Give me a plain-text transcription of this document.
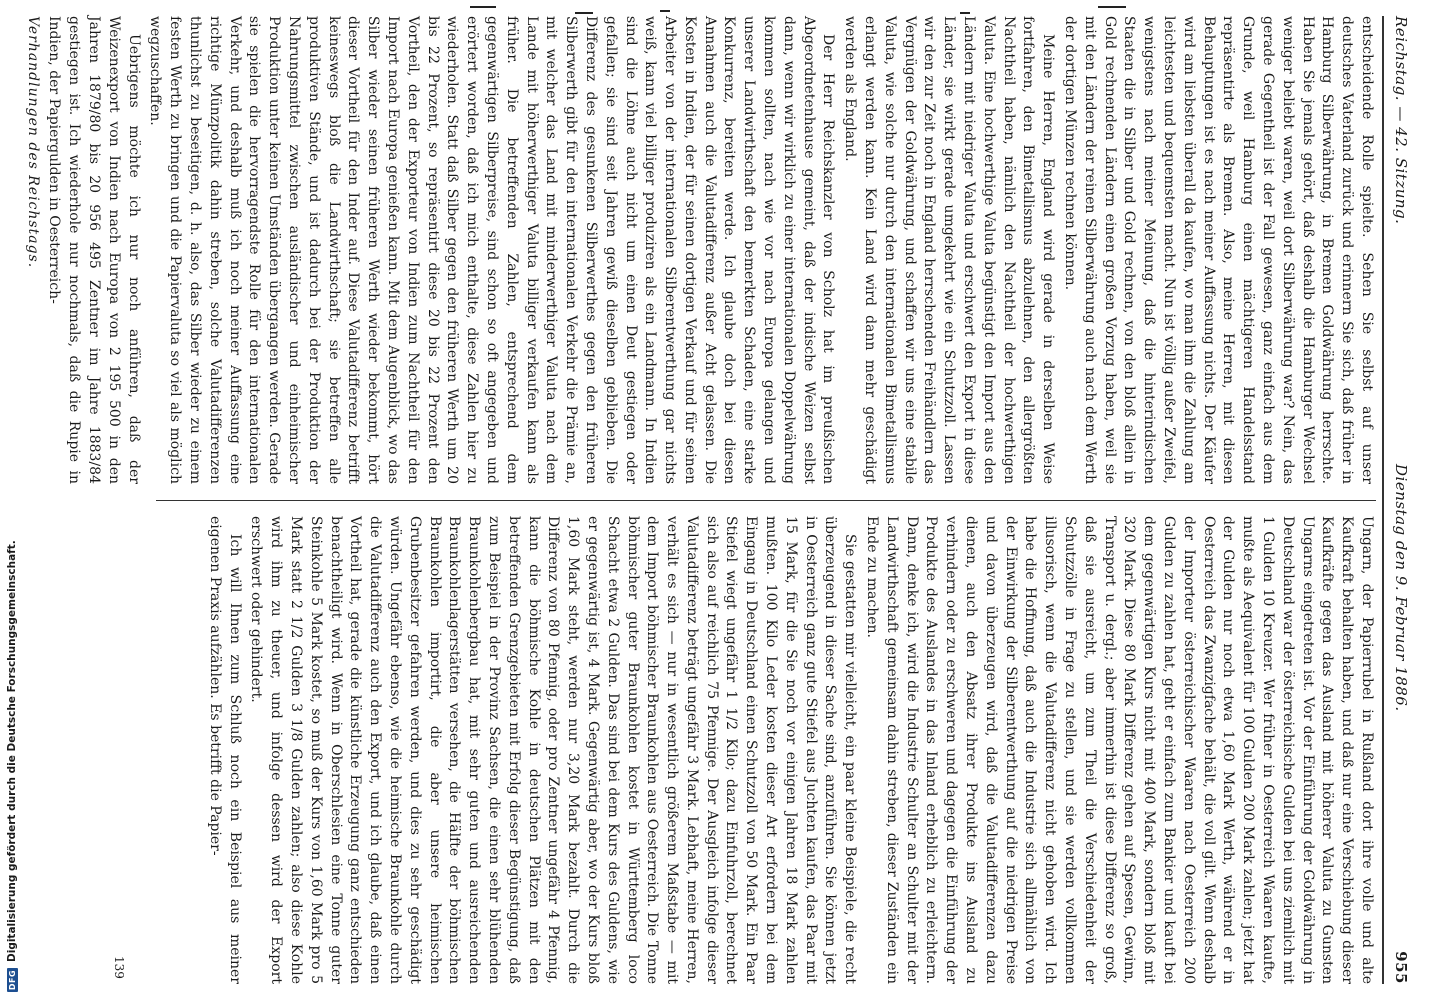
Reichstag. — 42. Sitzung.
Dienstag den 9. Februar 1886.
955

entscheidende Rolle spielte. Sehen Sie selbst auf unser deutsches Vaterland zurück und erinnern Sie sich, daß früher in Hamburg Silberwährung, in Bremen Goldwährung herrschte. Haben Sie jemals gehört, daß deshalb die Hamburger Wechsel weniger beliebt waren, weil dort Silberwährung war? Nein, das gerade Gegentheil ist der Fall gewesen, ganz einfach aus dem Grunde, weil Hamburg einen mächtigeren Handelsstand repräsentirte als Bremen. Also, meine Herren, mit diesen Behauptungen ist es nach meiner Auffassung nichts. Der Käufer wird am liebsten überall da kaufen, wo man ihm die Zahlung am leichtesten und bequemsten macht. Nun ist völlig außer Zweifel, wenigstens nach meiner Meinung, daß die hinterindischen Staaten die in Silber und Gold rechnen, von den bloß allein in Gold rechnenden Ländern einen großen Vorzug haben, weil sie mit den Ländern der reinen Silberwährung auch nach dem Werth der dortigen Münzen rechnen können.

Meine Herren, England wird gerade in derselben Weise fortfahren, den Bimetallismus abzulehnen, den allergrößten Nachtheil haben, nämlich den Nachtheil der hochwerthigen Valuta. Eine hochwerthige Valuta begünstigt den Import aus den Ländern mit niedriger Valuta und erschwert den Export in diese Länder, sie wirkt gerade umgekehrt wie ein Schutzzoll. Lassen wir den zur Zeit noch in England herrschenden Freihändlern das Vergnügen der Goldwährung, und schaffen wir uns eine stabile Valuta, wie solche nur durch den internationalen Bimetallismus erlangt werden kann. Kein Land wird dann mehr geschädigt werden als England.

Der Herr Reichskanzler von Scholz hat im preußischen Abgeordnetenhause gemeint, daß der indische Weizen selbst dann, wenn wir wirklich zu einer internationalen Doppelwährung kommen sollten, nach wie vor nach Europa gelangen und unserer Landwirthschaft den bemerkten Schaden, eine starke Konkurrenz, bereiten werde. Ich glaube doch bei diesen Annahmen auch die Valutadifferenz außer Acht gelassen. Die Kosten in Indien, der für seinen dortigen Verkauf und für seinen Arbeiter von der internationalen Silberentwerthung gar nichts weiß, kann viel billiger produziren als ein Landmann. In Indien sind die Löhne auch nicht um einen Deut gestiegen oder gefallen; sie sind seit Jahren gewiß dieselben geblieben. Die Differenz des gesunkenen Silberwerthes gegen den früheren Silberwerth gibt für den internationalen Verkehr die Prämie an, mit welcher das Land mit minderwerthiger Valuta nach dem Lande mit höherwerthiger Valuta billiger verkaufen kann als früher. Die betreffenden Zahlen, entsprechend dem gegenwärtigen Silberpreise, sind schon so oft angegeben und erörtert worden, daß ich mich enthalte, diese Zahlen hier zu wiederholen. Statt daß Silber gegen den früheren Werth um 20 bis 22 Prozent, so repräsentirt diese 20 bis 22 Prozent den Vortheil, den der Exporteur von Indien zum Nachtheil für den Import nach Europa genießen kann. Mit dem Augenblick, wo das Silber wieder seinen früheren Werth wieder bekommt, hört dieser Vortheil für den Inder auf. Diese Valutadifferenz betrifft keineswegs bloß die Landwirthschaft; sie betreffen alle produktiven Stände, und ist dadurch bei der Produktion der Nahrungsmittel zwischen ausländischer und einheimischer Produktion unter keinen Umständen übergangen werden. Gerade sie spielen die hervorragendste Rolle für den internationalen Verkehr, und deshalb muß ich noch meiner Auffassung eine richtige Münzpolitik dahin streben, solche Valutadifferenzen thunlichst zu beseitigen, d. h. also, das Silber wieder zu einem festen Werth zu bringen und die Papiervaluta so viel als möglich wegzuschaffen.

Uebrigens möchte ich nur noch anführen, daß der Weizenexport von Indien nach Europa von 2 195 500 in den Jahren 1879/80 bis 20 956 495 Zentner im Jahre 1883/84 gestiegen ist. Ich wiederhole nur nochmals, daß die Rupie in Indien, der Papiergulden in Oesterreich-

Verhandlungen des Reichstags.

Ungarn, der Papierrubel in Rußland dort ihre volle und alte Kaufkraft behalten haben, und daß nur eine Verschiebung dieser Kaufkräfte gegen das Ausland mit höherer Valuta zu Gunsten Ungarns eingetreten ist. Vor der Einführung der Goldwährung in Deutschland war der österreichische Gulden bei uns ziemlich mit 1 Gulden 10 Kreuzer. Wer früher in Oesterreich Waaren kaufte, mußte als Aequivalent für 100 Gulden 200 Mark zahlen; jetzt hat der Gulden nur noch etwa 1,60 Mark Werth, während er in Oesterreich das Zwanzigfache behält, die voll gilt. Wenn deshalb der Importeur österreichischer Waaren nach Oesterreich 200 Gulden zu zahlen hat, geht er einfach zum Bankier und kauft bei dem gegenwärtigen Kurs nicht mit 400 Mark, sondern bloß mit 320 Mark. Diese 80 Mark Differenz gehen auf Spesen, Gewinn, Transport u. dergl.; aber immerhin ist diese Differenz so groß, daß sie ausreicht, um zum Theil die Verschiedenheit der Schutzzölle in Frage zu stellen, und sie werden vollkommen illusorisch, wenn die Valutadifferenz nicht gehoben wird. Ich habe die Hoffnung, daß auch die Industrie sich allmählich von der Einwirkung der Silberentwerthung auf die niedrigen Preise und davon überzeugen wird, daß die Valutadifferenzen dazu dienen, auch den Absatz ihrer Produkte ins Ausland zu verhindern oder zu erschweren und dagegen die Einführung der Produkte des Auslandes in das Inland erheblich zu erleichtern. Dann, denke ich, wird die Industrie Schulter an Schulter mit der Landwirthschaft gemeinsam dahin streben, dieser Zuständen ein Ende zu machen.

Sie gestatten mir vielleicht, ein paar kleine Beispiele, die recht überzeugend in dieser Sache sind, anzuführen. Sie können jetzt in Oesterreich ganz gute Stiefel aus Juchten kaufen, das Paar mit 15 Mark, für die Sie noch vor einigen Jahren 18 Mark zahlen mußten. 100 Kilo Leder kosten dieser Art erfordern bei dem Eingang in Deutschland einen Schutzzoll von 50 Mark. Ein Paar Stiefel wiegt ungefähr 1 1/2 Kilo; dazu Einfuhrzoll, berechnet sich also auf reichlich 75 Pfennige. Der Ausgleich infolge dieser Valutadifferenz beträgt ungefähr 3 Mark. Lebhaft, meine Herren, verhält es sich — nur in wesentlich größerem Maßstabe — mit dem Import böhmischer Braunkohlen aus Oesterreich. Die Tonne böhmischer guter Braunkohlen kostet in Württemberg loco Schacht etwa 2 Gulden. Das sind bei dem Kurs des Guldens, wie er gegenwärtig ist, 4 Mark. Gegenwärtig aber, wo der Kurs bloß 1,60 Mark steht, werden nur 3,20 Mark bezahlt. Durch die Differenz von 80 Pfennig, oder pro Zentner ungefähr 4 Pfennig, kann die böhmische Kohle in deutschen Plätzen mit den betreffenden Grenzgebieten mit Erfolg dieser Begünstigung, daß zum Beispiel in der Provinz Sachsen, die einen sehr blühenden Braunkohlenbergbau hat, mit sehr guten und ausreichenden Braunkohlenlagerstätten versehen, die Hälfte der böhmischen Braunkohlen importirt, die aber unsere heimischen Grubenbesitzer gefahren werden, und dies zu sehr geschädigt würden. Ungefähr ebenso, wie die heimische Braunkohle durch die Valutadifferenz auch den Export, und ich glaube, daß einen Vortheil hat, gerade die künstliche Erzeugung ganz entschieden benachtheiligt wird. Wenn in Oberschlesien eine Tonne guter Steinkohle 5 Mark kostet, so muß der Kurs von 1,60 Mark pro 5 Mark statt 2 1/2 Gulden 3 1/8 Gulden zahlen; also diese Kohle wird ihm zu theuer, und infolge dessen wird der Export erschwert oder gehindert.

Ich will Ihnen zum Schluß noch ein Beispiel aus meiner eigenen Praxis aufzählen. Es betrifft die Papier-

139
DFG
Digitalisierung gefördert durch die Deutsche Forschungsgemeinschaft.
